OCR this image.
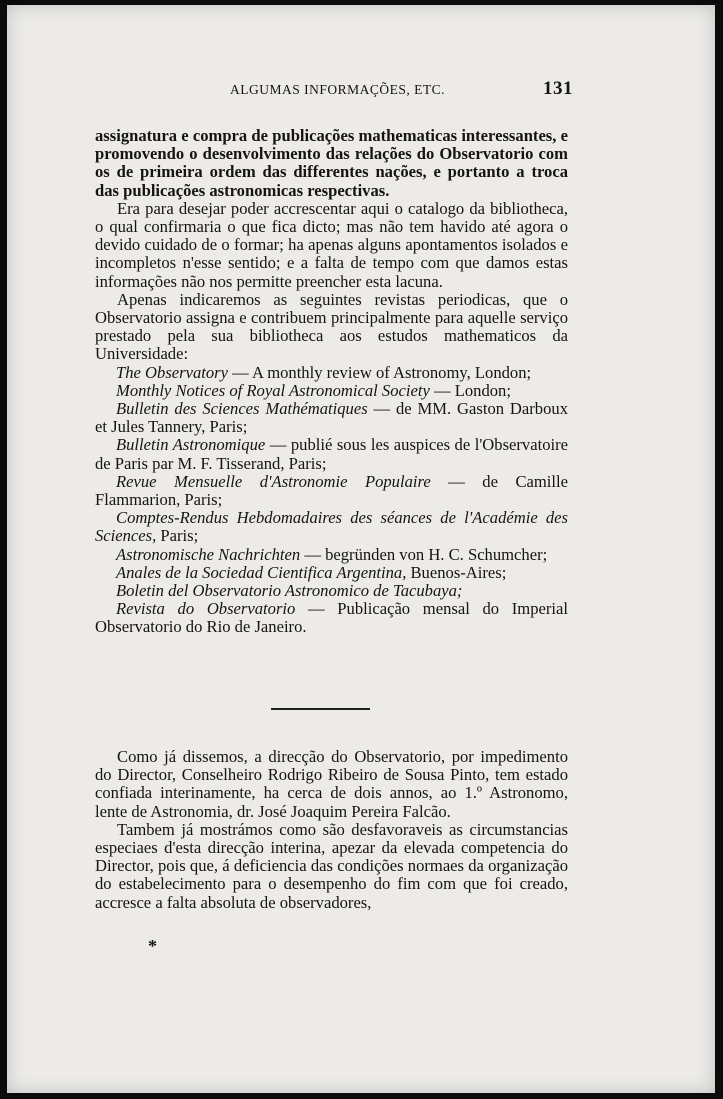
ALGUMAS INFORMAÇÕES, ETC.	131

assignatura e compra de publicações mathematicas interessantes, e promovendo o desenvolvimento das relações do Observatorio com os de primeira ordem das differentes nações, e portanto a troca das publicações astronomicas respectivas.

Era para desejar poder accrescentar aqui o catalogo da bibliotheca, o qual confirmaria o que fica dicto; mas não tem havido até agora o devido cuidado de o formar; ha apenas alguns apontamentos isolados e incompletos n'esse sentido; e a falta de tempo com que damos estas informações não nos permitte preencher esta lacuna.

Apenas indicaremos as seguintes revistas periodicas, que o Observatorio assigna e contribuem principalmente para aquelle serviço prestado pela sua bibliotheca aos estudos mathematicos da Universidade:

The Observatory — A monthly review of Astronomy, London;

Monthly Notices of Royal Astronomical Society — London;

Bulletin des Sciences Mathématiques — de MM. Gaston Darboux et Jules Tannery, Paris;

Bulletin Astronomique — publié sous les auspices de l'Observatoire de Paris par M. F. Tisserand, Paris;

Revue Mensuelle d'Astronomie Populaire — de Camille Flammarion, Paris;

Comptes-Rendus Hebdomadaires des séances de l'Académie des Sciences, Paris;

Astronomische Nachrichten — begründen von H. C. Schumcher;

Anales de la Sociedad Cientifica Argentina, Buenos-Aires;

Boletin del Observatorio Astronomico de Tacubaya;

Revista do Observatorio — Publicação mensal do Imperial Observatorio do Rio de Janeiro.

Como já dissemos, a direcção do Observatorio, por impedimento do Director, Conselheiro Rodrigo Ribeiro de Sousa Pinto, tem estado confiada interinamente, ha cerca de dois annos, ao 1.º Astronomo, lente de Astronomia, dr. José Joaquim Pereira Falcão.

Tambem já mostrámos como são desfavoraveis as circumstancias especiaes d'esta direcção interina, apezar da elevada competencia do Director, pois que, á deficiencia das condições normaes da organização do estabelecimento para o desempenho do fim com que foi creado, accresce a falta absoluta de observadores,

*
